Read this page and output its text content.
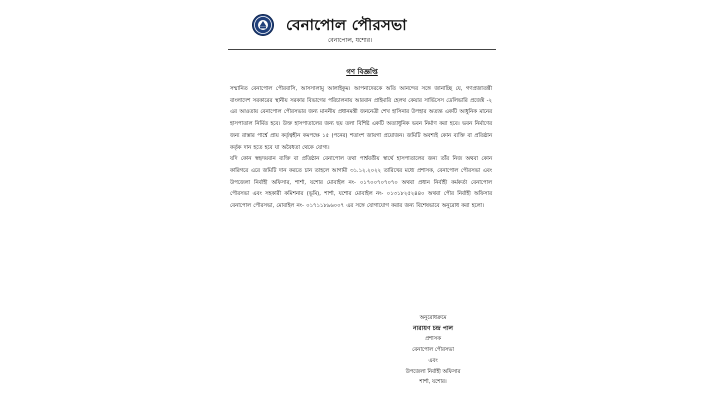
বেনাপোল পৌরসভা
বেনাপোল, যশোর।
গণ বিজ্ঞপ্তি

সম্মানিত বেনাপোল পৌরবাসি, আসসালামু আলাইকুম। আপনাদেরকে অতি আনন্দের সঙ্গে জানাচ্ছি যে, গণপ্রজাতন্ত্রী বাংলাদেশ সরকারের স্থানীয় সরকার বিভাগের পরিচালনায় আরবান প্রাইমারি হেলথ কেয়ার সার্ভিসেস ডেলিভারি প্রজেক্ট -২ এর আওতায় বেনাপোল পৌরসভার জন্য মাননীয় প্রধানমন্ত্রী জননেত্রী শেখ হাসিনার উপহার অত্যন্ত একটি আধুনিক মানের হাসপাতাল নির্মিত হবে। উক্ত হাসপাতালের জন্য ছয় তলা বিশিষ্ট একটি অত্যাধুনিক ভবন নির্মাণ করা হবে। ভবন নির্মাণের জন্য রাস্তার পার্শ্বে প্রায় কর্তৃত্বহীন কমপক্ষে ১৫ (পনের) শতাংশ জায়গা প্রয়োজন। জমিটি অবশ্যই কোন ব্যক্তি বা প্রতিষ্ঠান কর্তৃক দান হতে হবে যা অবৈধতা থেকে যোগ্য।

যদি কোন স্বহৃদয়বান ব্যক্তি বা প্রতিষ্ঠান বেনাপোল তথা পার্শ্ববর্তীয় স্বার্থে হাসপাতালের জন্য তাঁর নিজ অথবা কোন কারিগরে এরে জমিটি দান করতে চান তাহলে আগামী ৩১.১২.২০২২ তারিখের মধ্যে প্রশাসক, বেনাপোল পৌরসভা এবং উপজেলা নির্বাহী অফিসার, শার্শা, যশোর মোবাইল নং- ০১৭০০৭০৭০৭০ অথবা প্রধান নির্বাহী কর্মকর্তা বেনাপোল পৌরসভা এবং সহকারী কমিশনার (ভূমি), শার্শা, যশোর মোবাইল নং- ০১৩১৮২৫২৪৪০ অথবা পৌর নির্বাহী অফিসার বেনাপোল পৌরসভা, মোবাইল নং- ০১৭১১৮৯৬০০৭ এর সঙ্গে যোগাযোগ করার জন্য বিশেষভাবে অনুরোধ করা হলো।

অনুরোধক্রমে
নারায়ণ চন্দ্র পাল
প্রশাসক
বেনাপোল পৌরসভা
এবং
উপজেলা নির্বাহী অফিসার
শার্শা, যশোর।
